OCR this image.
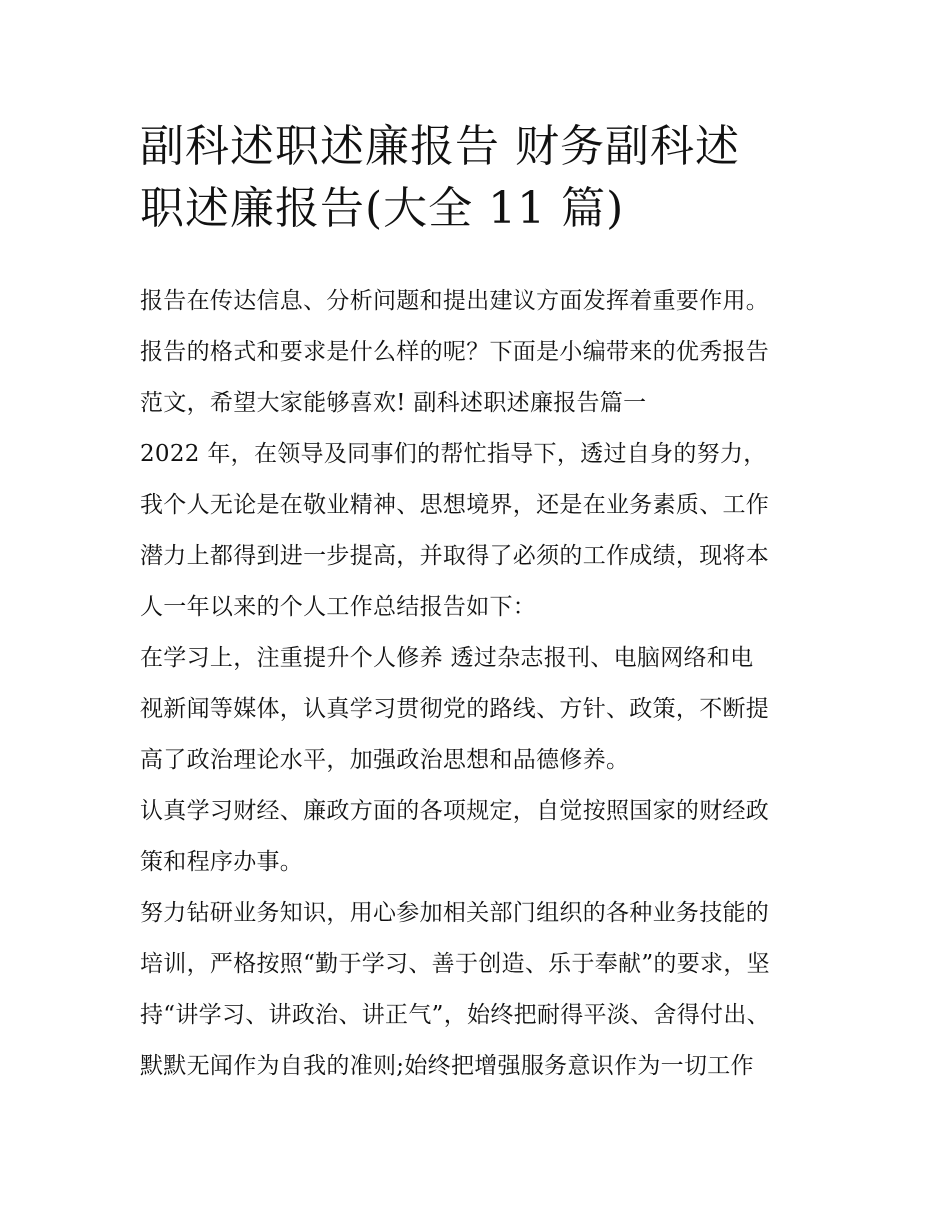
副科述职述廉报告 财务副科述
职述廉报告(大全 11 篇)
报告在传达信息、分析问题和提出建议方面发挥着重要作用。
报告的格式和要求是什么样的呢？下面是小编带来的优秀报告
范文，希望大家能够喜欢! 副科述职述廉报告篇一
2022 年，在领导及同事们的帮忙指导下，透过自身的努力，
我个人无论是在敬业精神、思想境界，还是在业务素质、工作
潜力上都得到进一步提高，并取得了必须的工作成绩，现将本
人一年以来的个人工作总结报告如下：
在学习上，注重提升个人修养 透过杂志报刊、电脑网络和电
视新闻等媒体，认真学习贯彻党的路线、方针、政策，不断提
高了政治理论水平，加强政治思想和品德修养。
认真学习财经、廉政方面的各项规定，自觉按照国家的财经政
策和程序办事。
努力钻研业务知识，用心参加相关部门组织的各种业务技能的
培训，严格按照“勤于学习、善于创造、乐于奉献”的要求，坚
持“讲学习、讲政治、讲正气”，始终把耐得平淡、舍得付出、
默默无闻作为自我的准则;始终把增强服务意识作为一切工作
